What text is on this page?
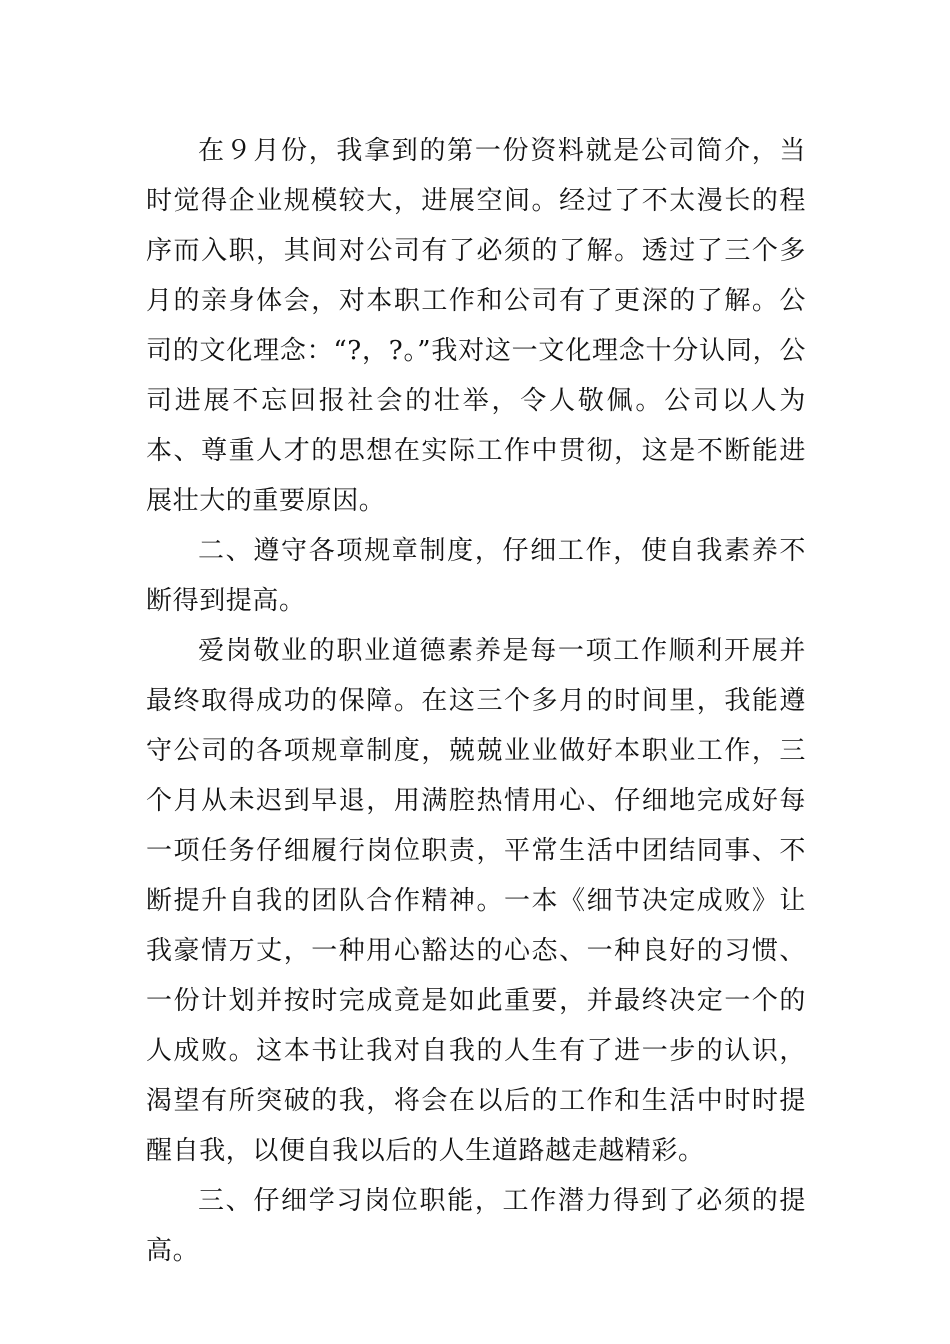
在９月份，我拿到的第一份资料就是公司简介，当时觉得企业规模较大，进展空间。经过了不太漫长的程序而入职，其间对公司有了必须的了解。透过了三个多月的亲身体会，对本职工作和公司有了更深的了解。公司的文化理念：“?，?。”我对这一文化理念十分认同，公司进展不忘回报社会的壮举，令人敬佩。公司以人为本、尊重人才的思想在实际工作中贯彻，这是不断能进展壮大的重要原因。

二、遵守各项规章制度，仔细工作，使自我素养不断得到提高。

爱岗敬业的职业道德素养是每一项工作顺利开展并最终取得成功的保障。在这三个多月的时间里，我能遵守公司的各项规章制度，兢兢业业做好本职业工作，三个月从未迟到早退，用满腔热情用心、仔细地完成好每一项任务仔细履行岗位职责，平常生活中团结同事、不断提升自我的团队合作精神。一本《细节决定成败》让我豪情万丈，一种用心豁达的心态、一种良好的习惯、一份计划并按时完成竟是如此重要，并最终决定一个的人成败。这本书让我对自我的人生有了进一步的认识，渴望有所突破的我，将会在以后的工作和生活中时时提醒自我，以便自我以后的人生道路越走越精彩。

三、仔细学习岗位职能，工作潜力得到了必须的提高。
